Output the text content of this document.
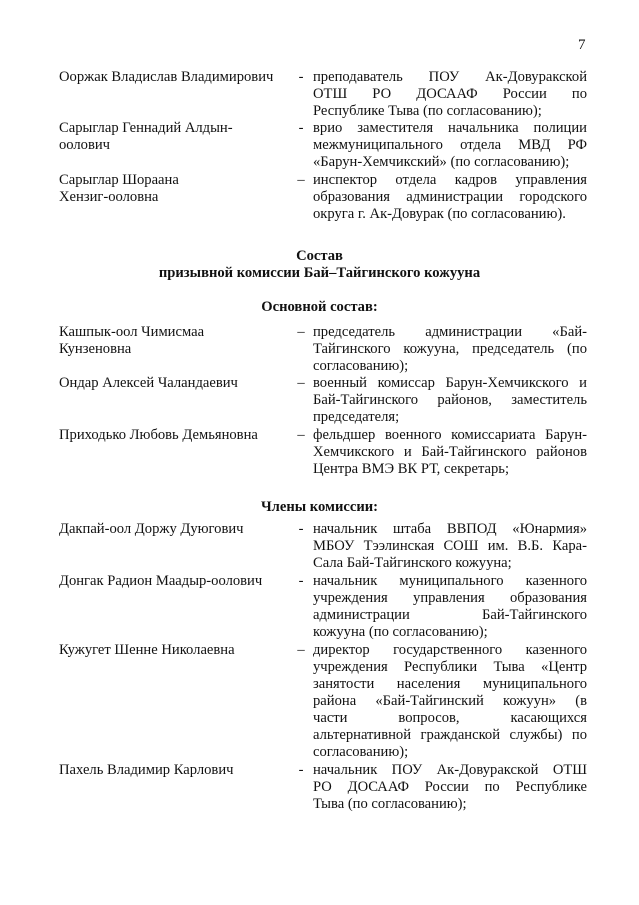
7
Ооржак Владислав Владимирович	- преподаватель ПОУ Ак-Довуракской
ОТШ РО ДОСААФ России по
Республике Тыва (по согласованию);
Сарыглар Геннадий Алдын-
оолович
- врио заместителя начальника полиции
межмуниципального отдела МВД РФ
«Барун-Хемчикский» (по согласованию);
Сарыглар Шораана
Хензиг-ооловна
– инспектор отдела кадров управления
образования администрации городского
округа г. Ак-Довурак (по согласованию).
Состав
призывной комиссии Бай–Тайгинского кожууна
Основной состав:
Кашпык-оол Чимисмаа
Кунзеновна
– председатель администрации «Бай-
Тайгинского кожууна, председатель (по
согласованию);
Ондар Алексей Чаландаевич	– военный комиссар Барун-Хемчикского и
Бай-Тайгинского районов, заместитель
председателя;
Приходько Любовь Демьяновна	– фельдшер военного комиссариата Барун-
Хемчикского и Бай-Тайгинского районов
Центра ВМЭ ВК РТ, секретарь;
Члены комиссии:
Дакпай-оол Доржу Дуюгович	- начальник штаба ВВПОД «Юнармия»
МБОУ Тээлинская СОШ им. В.Б. Кара-
Сала Бай-Тайгинского кожууна;
Донгак Радион Маадыр-оолович	- начальник муниципального казенного
учреждения управления образования
администрации Бай-Тайгинского
кожууна (по согласованию);
Кужугет Шенне Николаевна	– директор государственного казенного
учреждения Республики Тыва «Центр
занятости населения муниципального
района «Бай-Тайгинский кожуун» (в
части вопросов, касающихся
альтернативной гражданской службы) по
согласованию);
Пахель Владимир Карлович	- начальник ПОУ Ак-Довуракской ОТШ
РО ДОСААФ России по Республике
Тыва (по согласованию);
